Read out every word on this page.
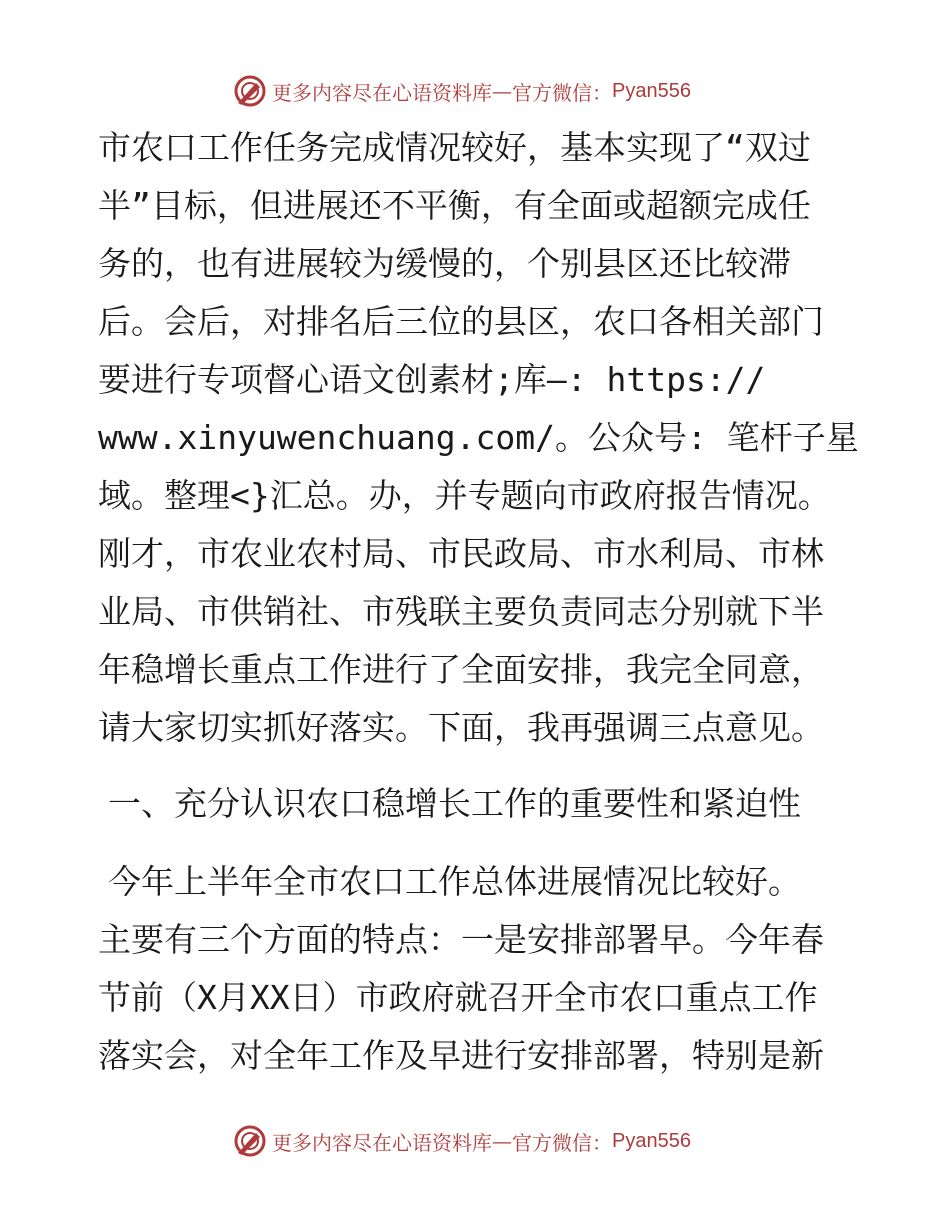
更多内容尽在心语资料库 — 官方微信： Pyan556
市农口工作任务完成情况较好，基本实现了“双过
半”目标，但进展还不平衡，有全面或超额完成任
务的，也有进展较为缓慢的，个别县区还比较滞
后。会后，对排名后三位的县区，农口各相关部门
要进行专项督心语文创素材;库—: https://
www.xinyuwenchuang.com/。公众号: 笔杆子星
域。整理<}汇总。办，并专题向市政府报告情况。
刚才，市农业农村局、市民政局、市水利局、市林
业局、市供销社、市残联主要负责同志分别就下半
年稳增长重点工作进行了全面安排，我完全同意，
请大家切实抓好落实。下面，我再强调三点意见。
一、充分认识农口稳增长工作的重要性和紧迫性
今年上半年全市农口工作总体进展情况比较好。
主要有三个方面的特点：一是安排部署早。今年春
节前（X月XX日）市政府就召开全市农口重点工作
落实会，对全年工作及早进行安排部署，特别是新
更多内容尽在心语资料库 — 官方微信： Pyan556
